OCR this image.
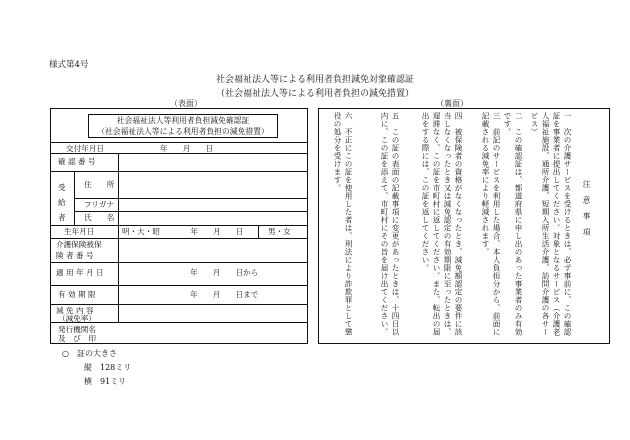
様式第4号
社会福祉法人等による利用者負担減免対象確認証
（社会福祉法人等による利用者負担の減免措置）
（表面）	（裏面）
社会福祉法人等利用者負担減免確認証
（社会福祉法人等による利用者負担の減免措置）
交付年月日	年　　月　　日
確 認 番 号
受
給
者
住　　所
フリガナ
氏　　名
生年月日	明・大・昭　　　　年　　月　　日	男・女
介護保険被保
険 者 番 号
適 用 年 月 日	年　　月　　日から
有 効 期 限	年　　月　　日まで
減 免 内 容
（減免率）
発行機関名
及　び　印
注　意　事　項
一　次の介護サービスを受けるときは、必ず事前に、この確認証を事業者に提出してください。対象となるサービス（介護老人福祉施設、通所介護、短期入所生活介護、訪問介護の各サービス）
二　この確認証は、都道府県に申し出のあった事業者のみ有効です。
三　前記のサービスを利用した場合、本人負担分から、前面に記載される減免率により軽減されます。
四　被保険者の資格がなくなったとき、減免額認定の要件に該当しなくなったとき又は減免認定の有効期限に至ったときは、遅滞なく、この証を市町村に返してください。また、転出の届出をする際には、この証を返してください。
五　この証の表面の記載事項に変更があったときは、十四日以内に、この証を添えて、市町村にその旨を届け出てください。
六　不正にこの証を使用した者は、刑法により詐欺罪として懲役の処分を受けます。
○　証の大きさ
縦　128ミリ
横　91ミリ
